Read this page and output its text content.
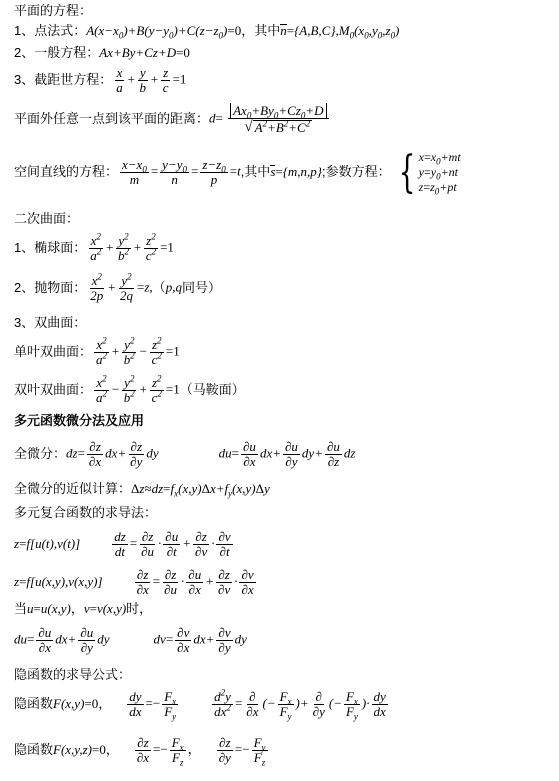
平面的方程：
1、点法式： $A(x-x_0)+B(y-y_0)+C(z-z_0)=0$ ，其中 $n=\{A,B,C\},M_0(x_0,y_0,z_0)$
2、一般方程： Ax+By+Cz+D=0
3、截距世方程： $\frac{x}{a} + \frac{y}{b} + \frac{z}{c} =1$
平面外任意一点到该平面的距离： $d= \frac{Ax_0+By_0+Cz_0+D}{√ A^2+B^2+C^2}$
空间直线的方程： $\frac{x-x_0}{m} = \frac{y-y_0}{n} = \frac{z-z_0}{p} =t$ ,其中 s={m,n,p} ;参数方程： { $x=x_0+mt$
$y=y_0+nt$
$z=z_0+pt$
二次曲面：
1、椭球面： $\frac{x^2}{a^2} + \frac{y^2}{b^2} + \frac{z^2}{c^2} =1$
2、抛物面： $\frac{x^2}{2p} + \frac{y^2}{2q} =z,(p,q$ 同号）
3、双曲面：
单叶双曲面： $\frac{x^2}{a^2} + \frac{y^2}{b^2} - \frac{z^2}{c^2} =1$
双叶双曲面： $\frac{x^2}{a^2} - \frac{y^2}{b^2} + \frac{z^2}{c^2} =1$（ 马鞍面）
多元函数微分法及应用
全微分： $dz= \frac{\partial z}{\partial x} dx+ \frac{\partial z}{\partial y}$ dy	$du= \frac{\partial u}{\partial x} dx+ \frac{\partial u}{\partial y} dy+ \frac{\partial u}{\partial z}$ dz
全微分的近似计算： $\Delta z\approx dz=f_x(x,y)\Delta x+f_y(x,y)\Delta y$
多元复合函数的求导法：
$z=f[u(t),v(t)] \frac{dz}{dt} = \frac{\partial z}{\partial u} \cdot \frac{\partial u}{\partial t} + \frac{\partial z}{\partial v} \cdot \frac{\partial v}{\partial t}$
$z=f[u(x,y),v(x,y)] \frac{\partial z}{\partial x} = \frac{\partial z}{\partial u} \cdot \frac{\partial u}{\partial x} + \frac{\partial z}{\partial v} \cdot \frac{\partial v}{\partial x}$
当 u=u(x,y) ， v=v(x,y) 时，
$du= \frac{\partial u}{\partial x} dx+ \frac{\partial u}{\partial y}$ dy	$dv= \frac{\partial v}{\partial x} dx+ \frac{\partial v}{\partial y}$ dy
隐函数的求导公式：
隐函数 F(x,y)=0， $\frac{dy}{dx} =- \frac{F_x}{F_y}$	$\frac{d^2y}{dx^2} = \frac{\partial}{\partial x}$ (− $\frac{F_x}{F_y}$ )+ $\frac{\partial}{\partial y}$ (− $\frac{F_x}{F_y}$ )· $\frac{dy}{dx}$
隐函数 F(x,y,z)=0， $\frac{\partial z}{\partial x} =- \frac{F_x}{F_z}$ ， $\frac{\partial z}{\partial y} =- \frac{F_y}{F_z}$
